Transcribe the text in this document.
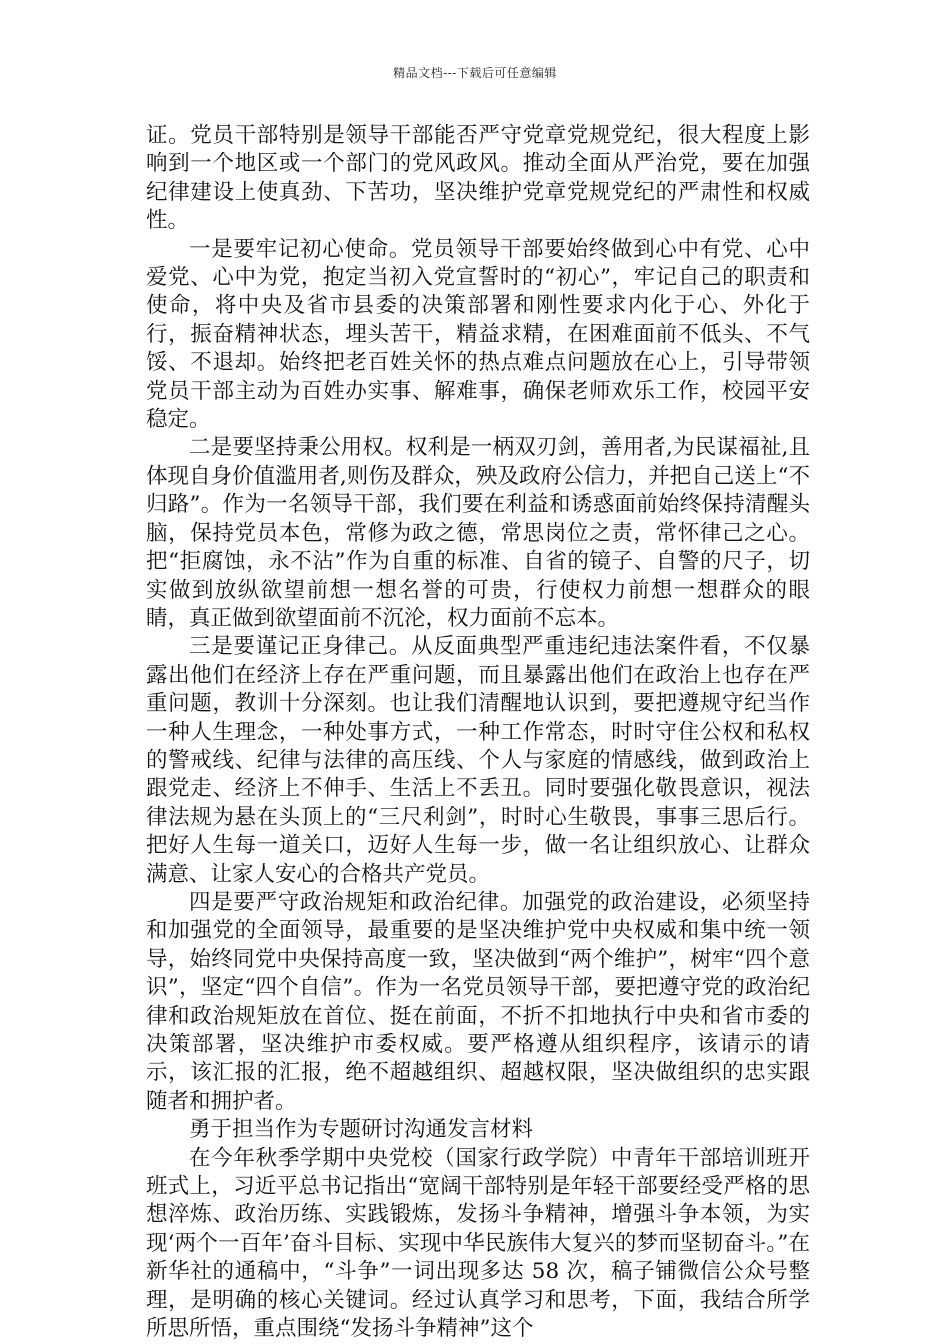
精品文档---下载后可任意编辑

证。党员干部特别是领导干部能否严守党章党规党纪，很大程度上影响到一个地区或一个部门的党风政风。推动全面从严治党，要在加强纪律建设上使真劲、下苦功，坚决维护党章党规党纪的严肃性和权威性。

一是要牢记初心使命。党员领导干部要始终做到心中有党、心中爱党、心中为党，抱定当初入党宣誓时的“初心”，牢记自己的职责和使命，将中央及省市县委的决策部署和刚性要求内化于心、外化于行，振奋精神状态，埋头苦干，精益求精，在困难面前不低头、不气馁、不退却。始终把老百姓关怀的热点难点问题放在心上，引导带领党员干部主动为百姓办实事、解难事，确保老师欢乐工作，校园平安稳定。

二是要坚持秉公用权。权利是一柄双刃剑，善用者,为民谋福祉,且体现自身价值滥用者,则伤及群众，殃及政府公信力，并把自己送上“不归路”。作为一名领导干部，我们要在利益和诱惑面前始终保持清醒头脑，保持党员本色，常修为政之德，常思岗位之责，常怀律己之心。把“拒腐蚀，永不沾”作为自重的标准、自省的镜子、自警的尺子，切实做到放纵欲望前想一想名誉的可贵，行使权力前想一想群众的眼睛，真正做到欲望面前不沉沦，权力面前不忘本。

三是要谨记正身律己。从反面典型严重违纪违法案件看，不仅暴露出他们在经济上存在严重问题，而且暴露出他们在政治上也存在严重问题，教训十分深刻。也让我们清醒地认识到，要把遵规守纪当作一种人生理念，一种处事方式，一种工作常态，时时守住公权和私权的警戒线、纪律与法律的高压线、个人与家庭的情感线，做到政治上跟党走、经济上不伸手、生活上不丢丑。同时要强化敬畏意识，视法律法规为悬在头顶上的“三尺利剑”，时时心生敬畏，事事三思后行。把好人生每一道关口，迈好人生每一步，做一名让组织放心、让群众满意、让家人安心的合格共产党员。

四是要严守政治规矩和政治纪律。加强党的政治建设，必须坚持和加强党的全面领导，最重要的是坚决维护党中央权威和集中统一领导，始终同党中央保持高度一致，坚决做到“两个维护”，树牢“四个意识”，坚定“四个自信”。作为一名党员领导干部，要把遵守党的政治纪律和政治规矩放在首位、挺在前面，不折不扣地执行中央和省市委的决策部署，坚决维护市委权威。要严格遵从组织程序，该请示的请示，该汇报的汇报，绝不超越组织、超越权限，坚决做组织的忠实跟随者和拥护者。

勇于担当作为专题研讨沟通发言材料

在今年秋季学期中央党校（国家行政学院）中青年干部培训班开班式上，习近平总书记指出“宽阔干部特别是年轻干部要经受严格的思想淬炼、政治历练、实践锻炼，发扬斗争精神，增强斗争本领，为实现‘两个一百年’奋斗目标、实现中华民族伟大复兴的梦而坚韧奋斗。”在新华社的通稿中，“斗争”一词出现多达 58 次，稿子铺微信公众号整理，是明确的核心关键词。经过认真学习和思考，下面，我结合所学所思所悟，重点围绕“发扬斗争精神”这个
